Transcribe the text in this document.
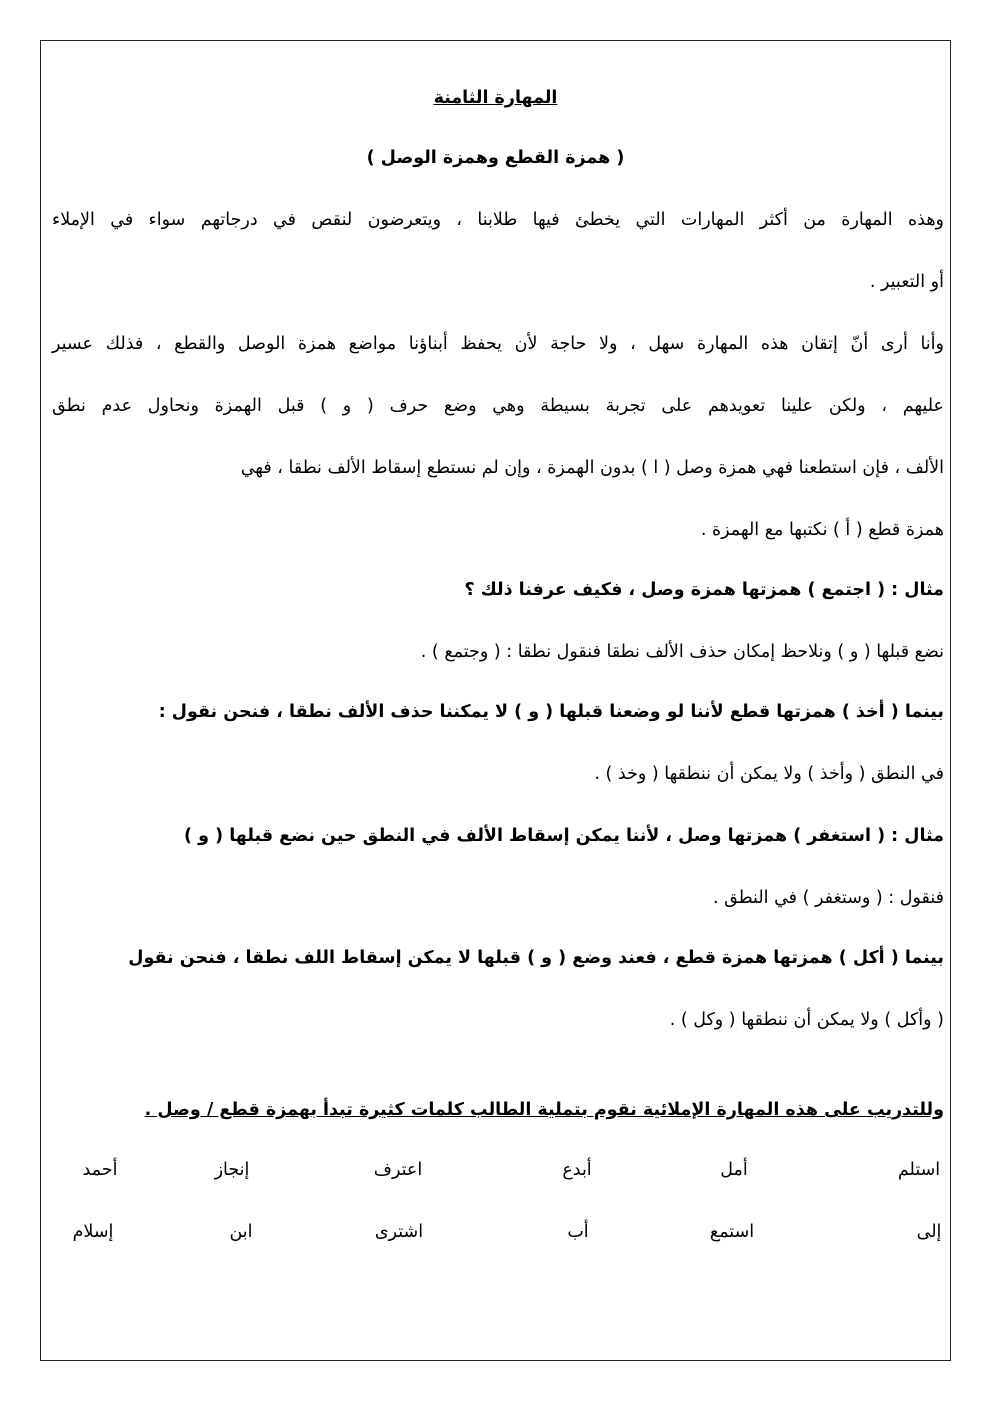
المهارة الثامنة
( همزة القطع وهمزة الوصل )
وهذه المهارة من أكثر المهارات التي يخطئ فيها طلابنا ، ويتعرضون لنقص في درجاتهم سواء في الإملاء
أو التعبير .
وأنا أرى أنّ إتقان هذه المهارة سهل ، ولا حاجة لأن يحفظ أبناؤنا مواضع همزة الوصل والقطع ، فذلك عسير
عليهم ، ولكن علينا تعويدهم على تجربة بسيطة وهي وضع حرف ( و ) قبل الهمزة ونحاول عدم نطق
الألف ، فإن استطعنا فهي همزة وصل ( ا ) بدون الهمزة ، وإن لم نستطع إسقاط الألف نطقا ، فهي
همزة قطع ( أ ) نكتبها مع الهمزة .
مثال : ( اجتمع ) همزتها همزة وصل ، فكيف عرفنا ذلك ؟
نضع قبلها ( و ) ونلاحظ إمكان حذف الألف نطقا فنقول نطقا : ( وجتمع ) .
بينما ( أخذ ) همزتها قطع لأننا لو وضعنا قبلها ( و ) لا يمكننا حذف الألف نطقا ، فنحن نقول :
في النطق ( وأخذ ) ولا يمكن أن ننطقها ( وخذ ) .
مثال : ( استغفر ) همزتها وصل ، لأننا يمكن إسقاط الألف في النطق حين نضع قبلها ( و )
فنقول : ( وستغفر ) في النطق .
بينما ( أكل ) همزتها همزة قطع ، فعند وضع ( و ) قبلها لا يمكن إسقاط اللف نطقا ، فنحن نقول
( وأكل ) ولا يمكن أن ننطقها ( وكل ) .
وللتدريب على هذه المهارة الإملائية نقوم بتملية الطالب كلمات كثيرة تبدأ بهمزة قطع / وصل .
استلم
أمل
أبدع
اعترف
إنجاز
أحمد
إلى
استمع
أب
اشترى
ابن
إسلام
